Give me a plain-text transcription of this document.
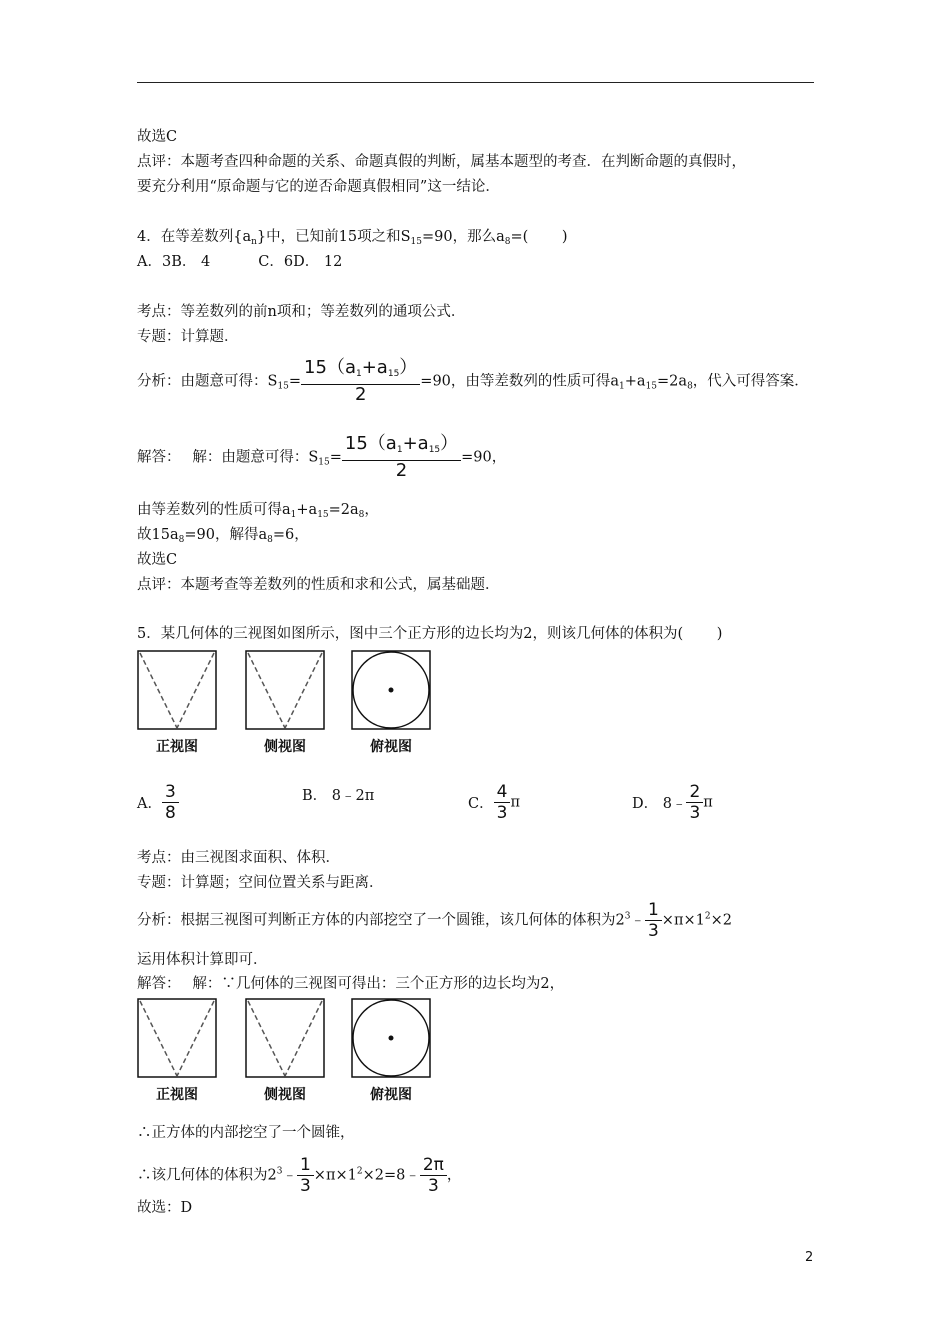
故选C
点评：本题考查四种命题的关系、命题真假的判断，属基本题型的考查．在判断命题的真假时，
要充分利用“原命题与它的逆否命题真假相同”这一结论．
4．在等差数列$\{a_n\}$中，已知前15项之和$S_{15}=90$，那么$a_8=$(　　 )
A．3B． 4　　　 C．6D． 12
考点：等差数列的前n项和；等差数列的通项公式．
专题：计算题．
分析：由题意可得：$S_{15}= \frac{15(a_1+a_{15})}{2} =90$，由等差数列的性质可得$a_1+a_{15}=2a_8$，代入可得答案．
解答：　 解：由题意可得：$S_{15}= \frac{15(a_1+a_{15})}{2} =90$，
由等差数列的性质可得$a_1+a_{15}=2a_8$，
故$15a_8=90$，解得$a_8=6$，
故选C
点评：本题考查等差数列的性质和求和公式，属基础题．
5．某几何体的三视图如图所示，图中三个正方形的边长均为2，则该几何体的体积为(　　 )
正视图	侧视图	俯视图
A． $\frac{3}{8}$	B． 8﹣2π	C． $\frac{4}{3}$ π	D． 8﹣ $\frac{2}{3}$ π
考点：由三视图求面积、体积．
专题：计算题；空间位置关系与距离．
分析：根据三视图可判断正方体的内部挖空了一个圆锥，该几何体的体积为$2^3﹣ \frac{1}{3} \times\pi\times 1^2\times 2$
运用体积计算即可．
解答：　 解：∵几何体的三视图可得出：三个正方形的边长均为2，
正视图	侧视图	俯视图
∴正方体的内部挖空了一个圆锥，
∴该几何体的体积为$2^3﹣ \frac{1}{3}$ $\times\pi\times 1^2\times 2=8﹣ \frac{2\pi}{3}$ ，
故选：D
2
